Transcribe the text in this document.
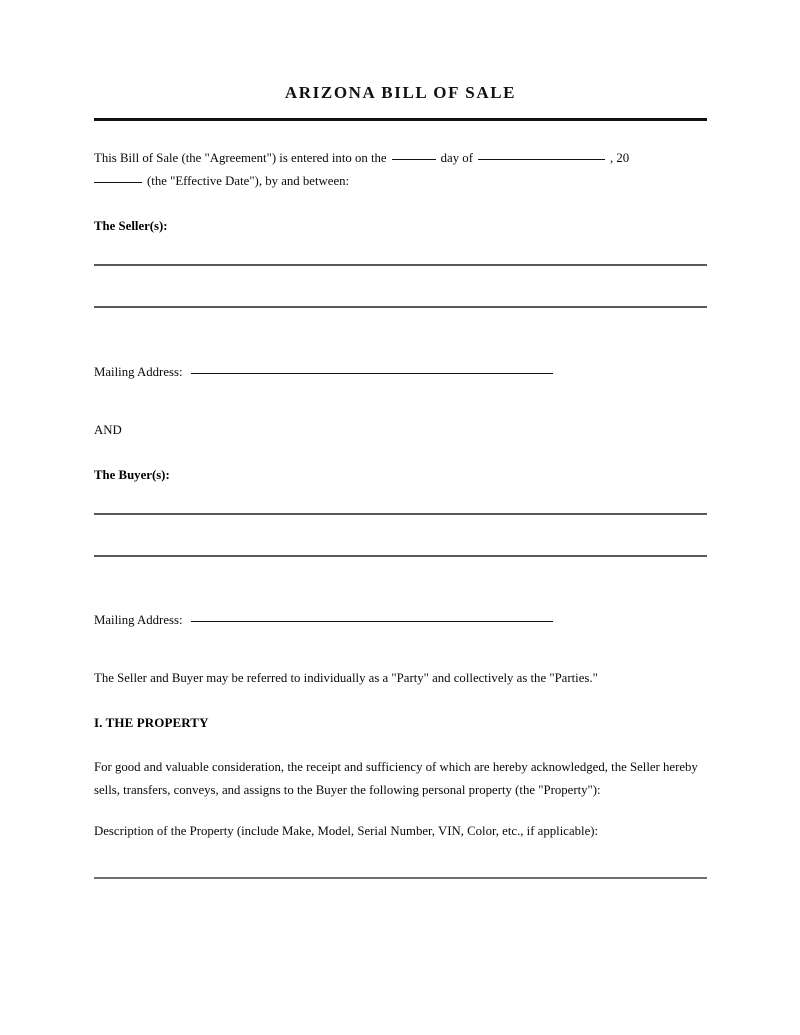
ARIZONA BILL OF SALE

This Bill of Sale (the "Agreement") is entered into on the	day of	, 20

(the "Effective Date"), by and between:

The Seller(s):

Mailing Address:

AND

The Buyer(s):

Mailing Address:

The Seller and Buyer may be referred to individually as a "Party" and collectively as the "Parties."

I. THE PROPERTY

For good and valuable consideration, the receipt and sufficiency of which are hereby acknowledged, the Seller hereby sells, transfers, conveys, and assigns to the Buyer the following personal property (the "Property"):

Description of the Property (include Make, Model, Serial Number, VIN, Color, etc., if applicable):
